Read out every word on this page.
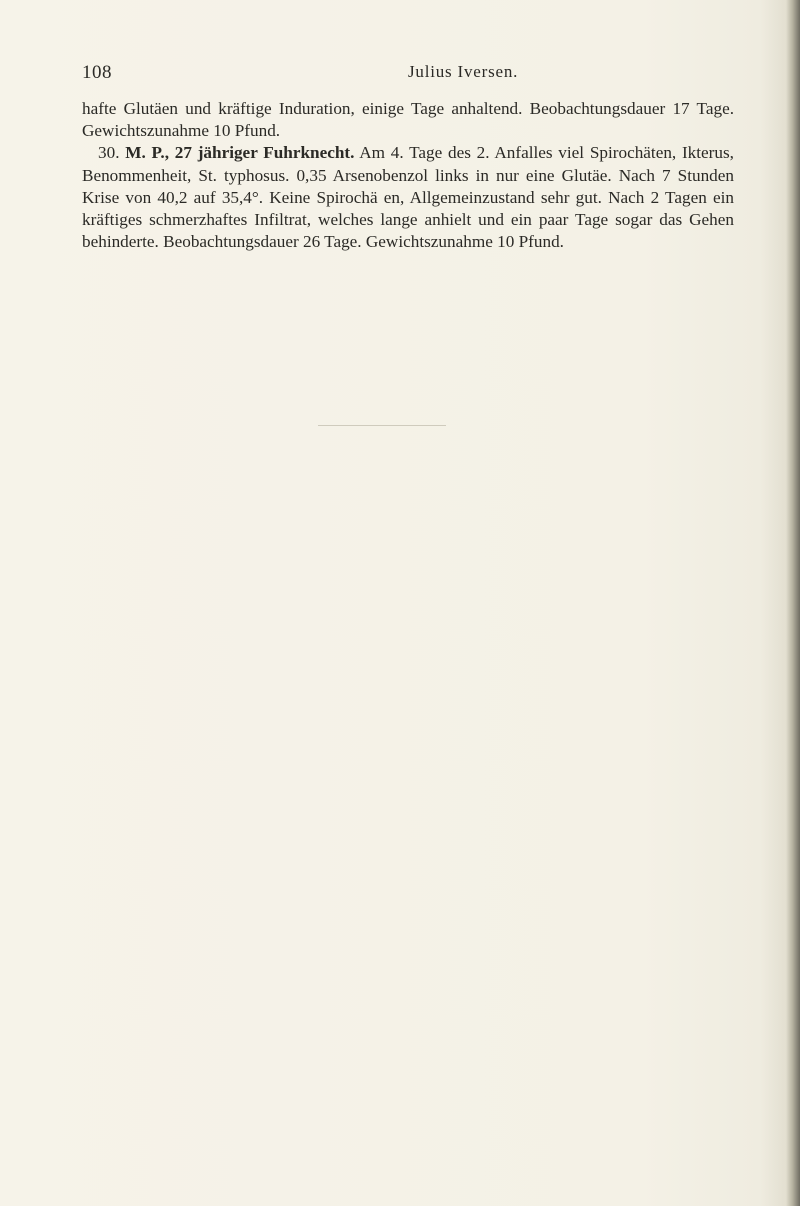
108	Julius Iversen.

hafte Glutäen und kräftige Induration, einige Tage anhaltend. Beobachtungsdauer 17 Tage. Gewichtszunahme 10 Pfund.

30. M. P., 27 jähriger Fuhrknecht. Am 4. Tage des 2. Anfalles viel Spirochäten, Ikterus, Benommenheit, St. typhosus. 0,35 Arsenobenzol links in nur eine Glutäe. Nach 7 Stunden Krise von 40,2 auf 35,4°. Keine Spirochä en, Allgemeinzustand sehr gut. Nach 2 Tagen ein kräftiges schmerzhaftes Infiltrat, welches lange anhielt und ein paar Tage sogar das Gehen behinderte. Beobachtungsdauer 26 Tage. Gewichtszunahme 10 Pfund.
